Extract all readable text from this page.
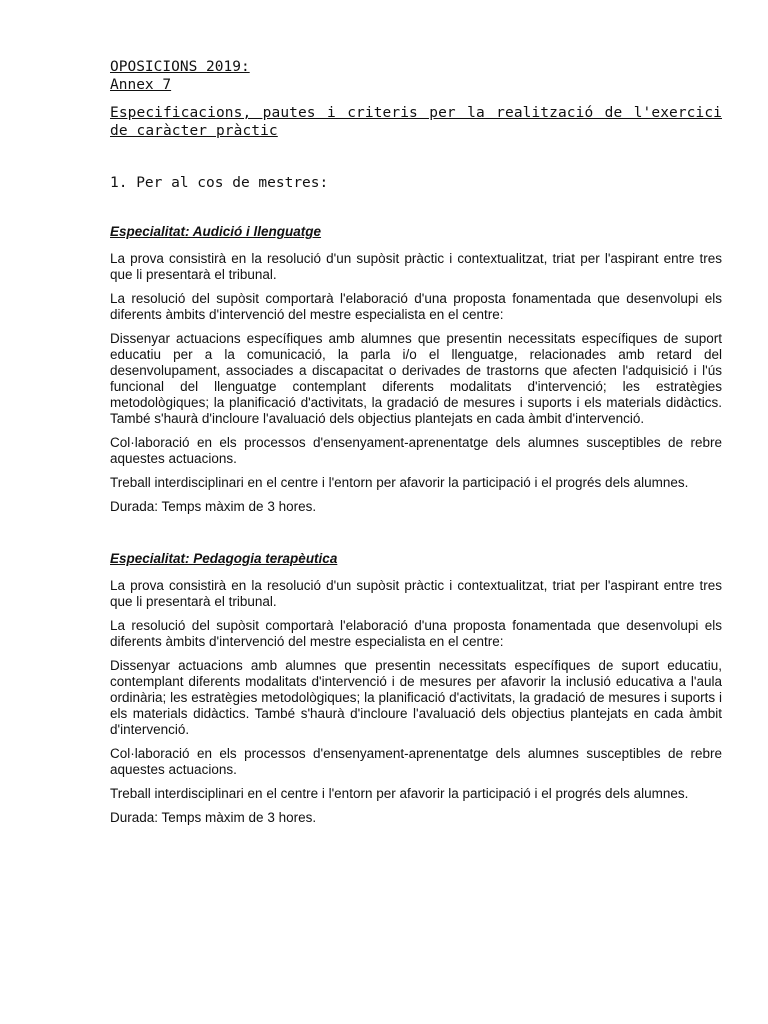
OPOSICIONS 2019:
Annex 7
Especificacions, pautes i criteris per la realització de l'exercici de caràcter pràctic
1. Per al cos de mestres:
Especialitat: Audició i llenguatge

La prova consistirà en la resolució d'un supòsit pràctic i contextualitzat, triat per l'aspirant entre tres que li presentarà el tribunal.

La resolució del supòsit comportarà l'elaboració d'una proposta fonamentada que desenvolupi els diferents àmbits d'intervenció del mestre especialista en el centre:

Dissenyar actuacions específiques amb alumnes que presentin necessitats específiques de suport educatiu per a la comunicació, la parla i/o el llenguatge, relacionades amb retard del desenvolupament, associades a discapacitat o derivades de trastorns que afecten l'adquisició i l'ús funcional del llenguatge contemplant diferents modalitats d'intervenció; les estratègies metodològiques; la planificació d'activitats, la gradació de mesures i suports i els materials didàctics. També s'haurà d'incloure l'avaluació dels objectius plantejats en cada àmbit d'intervenció.

Col·laboració en els processos d'ensenyament-aprenentatge dels alumnes susceptibles de rebre aquestes actuacions.

Treball interdisciplinari en el centre i l'entorn per afavorir la participació i el progrés dels alumnes.

Durada: Temps màxim de 3 hores.

Especialitat: Pedagogia terapèutica

La prova consistirà en la resolució d'un supòsit pràctic i contextualitzat, triat per l'aspirant entre tres que li presentarà el tribunal.

La resolució del supòsit comportarà l'elaboració d'una proposta fonamentada que desenvolupi els diferents àmbits d'intervenció del mestre especialista en el centre:

Dissenyar actuacions amb alumnes que presentin necessitats específiques de suport educatiu, contemplant diferents modalitats d'intervenció i de mesures per afavorir la inclusió educativa a l'aula ordinària; les estratègies metodològiques; la planificació d'activitats, la gradació de mesures i suports i els materials didàctics. També s'haurà d'incloure l'avaluació dels objectius plantejats en cada àmbit d'intervenció.

Col·laboració en els processos d'ensenyament-aprenentatge dels alumnes susceptibles de rebre aquestes actuacions.

Treball interdisciplinari en el centre i l'entorn per afavorir la participació i el progrés dels alumnes.

Durada: Temps màxim de 3 hores.
